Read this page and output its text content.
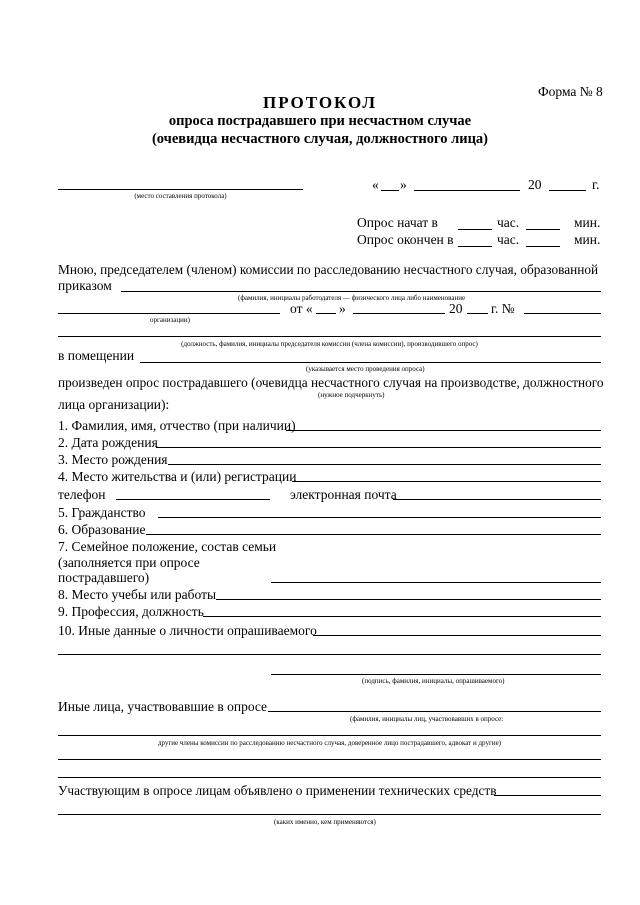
Форма № 8
ПРОТОКОЛ
опроса пострадавшего при несчастном случае
(очевидца несчастного случая, должностного лица)
(место составления протокола)
« »	20	г.
Опрос начат в	час.	мин.
Опрос окончен в	час.	мин.
Мною, председателем (членом) комиссии по расследованию несчастного случая, образованной
приказом
(фамилия, инициалы работодателя — физического лица либо наименование
организации)
от « »	20 г. №
(должность, фамилия, инициалы председателя комиссии (члена комиссии), производившего опрос)
в помещении
(указывается место проведения опроса)
произведен опрос пострадавшего (очевидца несчастного случая на производстве, должностного
(нужное подчеркнуть)
лица организации):
1. Фамилия, имя, отчество (при наличии)
2. Дата рождения
3. Место рождения
4. Место жительства и (или) регистрации
телефон	электронная почта
5. Гражданство
6. Образование
7. Семейное положение, состав семьи
(заполняется при опросе
пострадавшего)
8. Место учебы или работы
9. Профессия, должность
10. Иные данные о личности опрашиваемого
(подпись, фамилия, инициалы, опрашиваемого)
Иные лица, участвовавшие в опросе
(фамилия, инициалы лиц, участвовавших в опросе:
другие члены комиссии по расследованию несчастного случая, доверенное лицо пострадавшего, адвокат и другие)
Участвующим в опросе лицам объявлено о применении технических средств
(каких именно, кем применяются)
